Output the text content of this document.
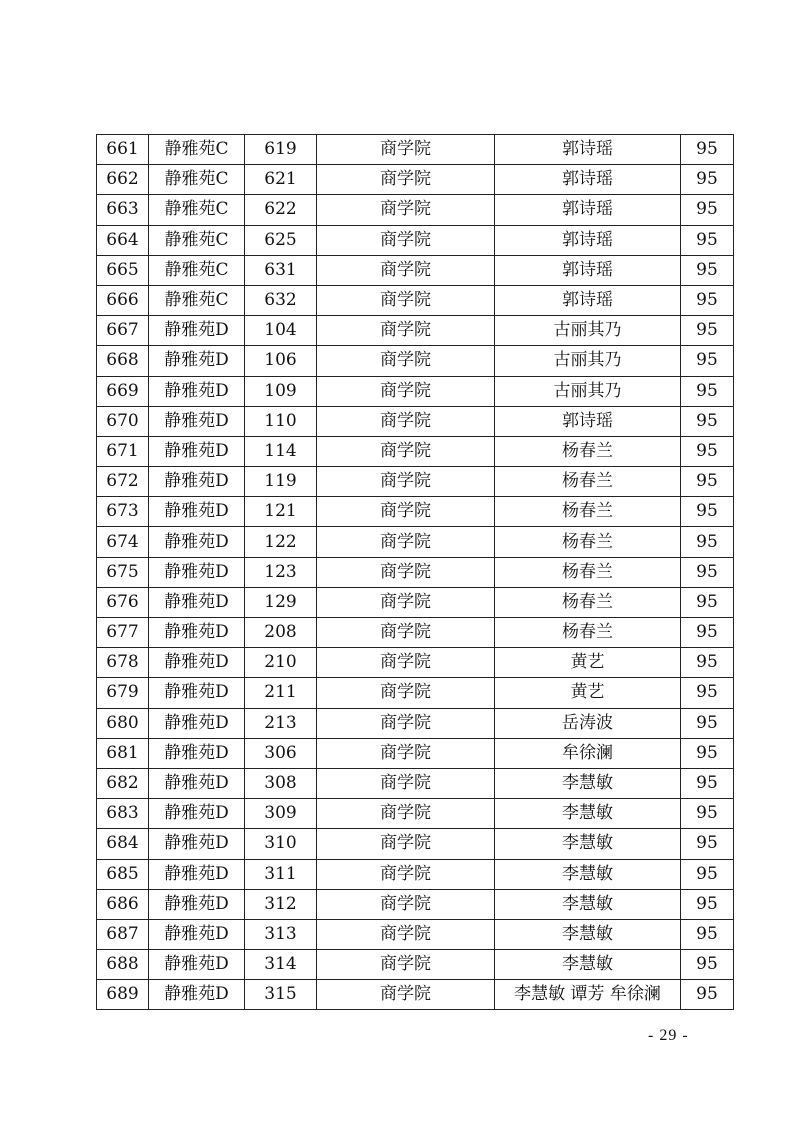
661	静雅苑C	619	商学院	郭诗瑶	95
662	静雅苑C	621	商学院	郭诗瑶	95
663	静雅苑C	622	商学院	郭诗瑶	95
664	静雅苑C	625	商学院	郭诗瑶	95
665	静雅苑C	631	商学院	郭诗瑶	95
666	静雅苑C	632	商学院	郭诗瑶	95
667	静雅苑D	104	商学院	古丽其乃	95
668	静雅苑D	106	商学院	古丽其乃	95
669	静雅苑D	109	商学院	古丽其乃	95
670	静雅苑D	110	商学院	郭诗瑶	95
671	静雅苑D	114	商学院	杨春兰	95
672	静雅苑D	119	商学院	杨春兰	95
673	静雅苑D	121	商学院	杨春兰	95
674	静雅苑D	122	商学院	杨春兰	95
675	静雅苑D	123	商学院	杨春兰	95
676	静雅苑D	129	商学院	杨春兰	95
677	静雅苑D	208	商学院	杨春兰	95
678	静雅苑D	210	商学院	黄艺	95
679	静雅苑D	211	商学院	黄艺	95
680	静雅苑D	213	商学院	岳涛波	95
681	静雅苑D	306	商学院	牟徐澜	95
682	静雅苑D	308	商学院	李慧敏	95
683	静雅苑D	309	商学院	李慧敏	95
684	静雅苑D	310	商学院	李慧敏	95
685	静雅苑D	311	商学院	李慧敏	95
686	静雅苑D	312	商学院	李慧敏	95
687	静雅苑D	313	商学院	李慧敏	95
688	静雅苑D	314	商学院	李慧敏	95
689	静雅苑D	315	商学院	李慧敏 谭芳 牟徐澜	95
- 29 -
